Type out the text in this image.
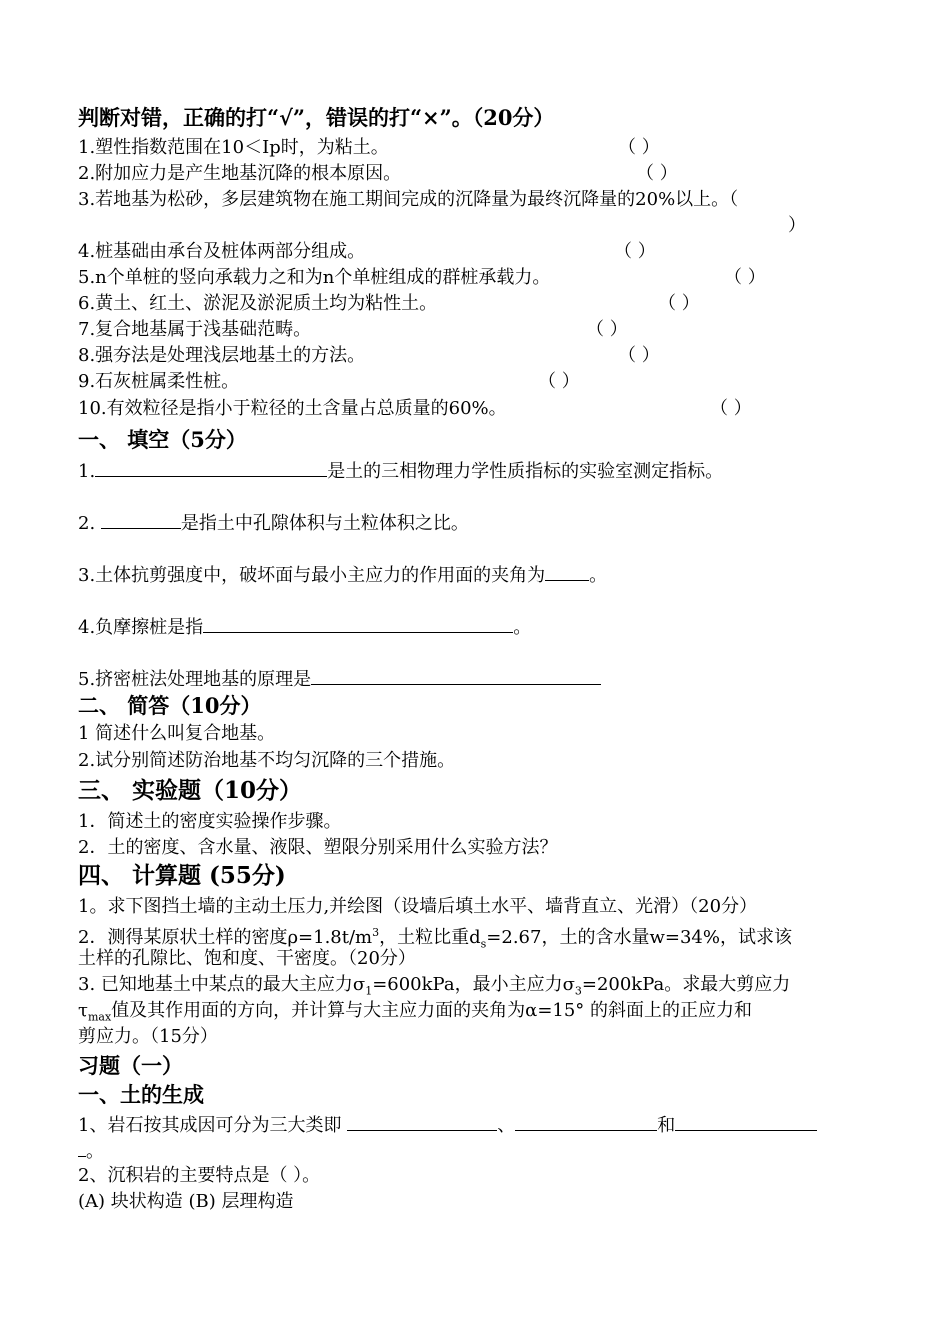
判断对错，正确的打“√”，错误的打“×”。（20分）
1.塑性指数范围在10＜Ip时，为粘土。	（ ）
2.附加应力是产生地基沉降的根本原因。	（ ）
3.若地基为松砂，多层建筑物在施工期间完成的沉降量为最终沉降量的20%以上。（
）
4.桩基础由承台及桩体两部分组成。	（ ）
5.n个单桩的竖向承载力之和为n个单桩组成的群桩承载力。	（ ）
6.黄土、红土、淤泥及淤泥质土均为粘性土。	（ ）
7.复合地基属于浅基础范畴。	（ ）
8.强夯法是处理浅层地基土的方法。	（ ）
9.石灰桩属柔性桩。	（ ）
10.有效粒径是指小于粒径的土含量占总质量的60%。	（ ）
一、 填空（5分）
1.	是土的三相物理力学性质指标的实验室测定指标。
2.	是指土中孔隙体积与土粒体积之比。
3.土体抗剪强度中，破坏面与最小主应力的作用面的夹角为 。
4.负摩擦桩是指	。
5.挤密桩法处理地基的原理是
二、 简答（10分）
1 简述什么叫复合地基。
2.试分别简述防治地基不均匀沉降的三个措施。
三、 实验题（10分）
1．简述土的密度实验操作步骤。
2．土的密度、含水量、液限、塑限分别采用什么实验方法？
四、 计算题 (55分)
1。求下图挡土墙的主动土压力,并绘图（设墙后填土水平、墙背直立、光滑）（20分）
2．测得某原状土样的密度$\rho=1.8t/m^3$，土粒比重$d_s=2.67$，土的含水量w=34%，试求该
土样的孔隙比、饱和度、干密度。（20分）
3. 已知地基土中某点的最大主应力$\sigma_1=600kPa$，最小主应力$\sigma_3=200kPa$。求最大剪应力
$\tau_{max}$值及其作用面的方向，并计算与大主应力面的夹角为α=15° 的斜面上的正应力和
剪应力。（15分）
习题（一）
一、土的生成
1、岩石按其成因可分为三大类即	、	和
。
2、沉积岩的主要特点是（ ）。
(A) 块状构造 (B) 层理构造
